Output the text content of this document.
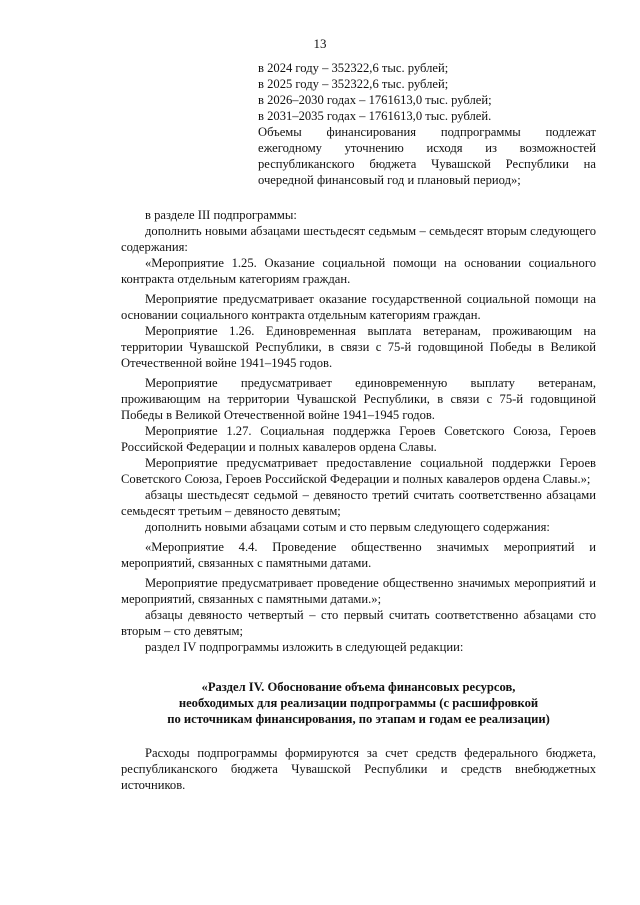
13
в 2024 году – 352322,6 тыс. рублей;
в 2025 году – 352322,6 тыс. рублей;
в 2026–2030 годах – 1761613,0 тыс. рублей;
в 2031–2035 годах – 1761613,0 тыс. рублей.
Объемы финансирования подпрограммы подлежат ежегодному уточнению исходя из возможностей республиканского бюджета Чувашской Республики на очередной финансовый год и плановый период»;

в разделе III подпрограммы:

дополнить новыми абзацами шестьдесят седьмым – семьдесят вторым следующего содержания:

«Мероприятие 1.25. Оказание социальной помощи на основании социального контракта отдельным категориям граждан.

Мероприятие предусматривает оказание государственной социальной помощи на основании социального контракта отдельным категориям граждан.

Мероприятие 1.26. Единовременная выплата ветеранам, проживающим на территории Чувашской Республики, в связи с 75-й годовщиной Победы в Великой Отечественной войне 1941–1945 годов.

Мероприятие предусматривает единовременную выплату ветеранам, проживающим на территории Чувашской Республики, в связи с 75-й годовщиной Победы в Великой Отечественной войне 1941–1945 годов.

Мероприятие 1.27. Социальная поддержка Героев Советского Союза, Героев Российской Федерации и полных кавалеров ордена Славы.

Мероприятие предусматривает предоставление социальной поддержки Героев Советского Союза, Героев Российской Федерации и полных кавалеров ордена Славы.»;

абзацы шестьдесят седьмой – девяносто третий считать соответственно абзацами семьдесят третьим – девяносто девятым;

дополнить новыми абзацами сотым и сто первым следующего содержания:

«Мероприятие 4.4. Проведение общественно значимых мероприятий и мероприятий, связанных с памятными датами.

Мероприятие предусматривает проведение общественно значимых мероприятий и мероприятий, связанных с памятными датами.»;

абзацы девяносто четвертый – сто первый считать соответственно абзацами сто вторым – сто девятым;

раздел IV подпрограммы изложить в следующей редакции:

«Раздел IV. Обоснование объема финансовых ресурсов,
необходимых для реализации подпрограммы (с расшифровкой
по источникам финансирования, по этапам и годам ее реализации)

Расходы подпрограммы формируются за счет средств федерального бюджета, республиканского бюджета Чувашской Республики и средств внебюджетных источников.
